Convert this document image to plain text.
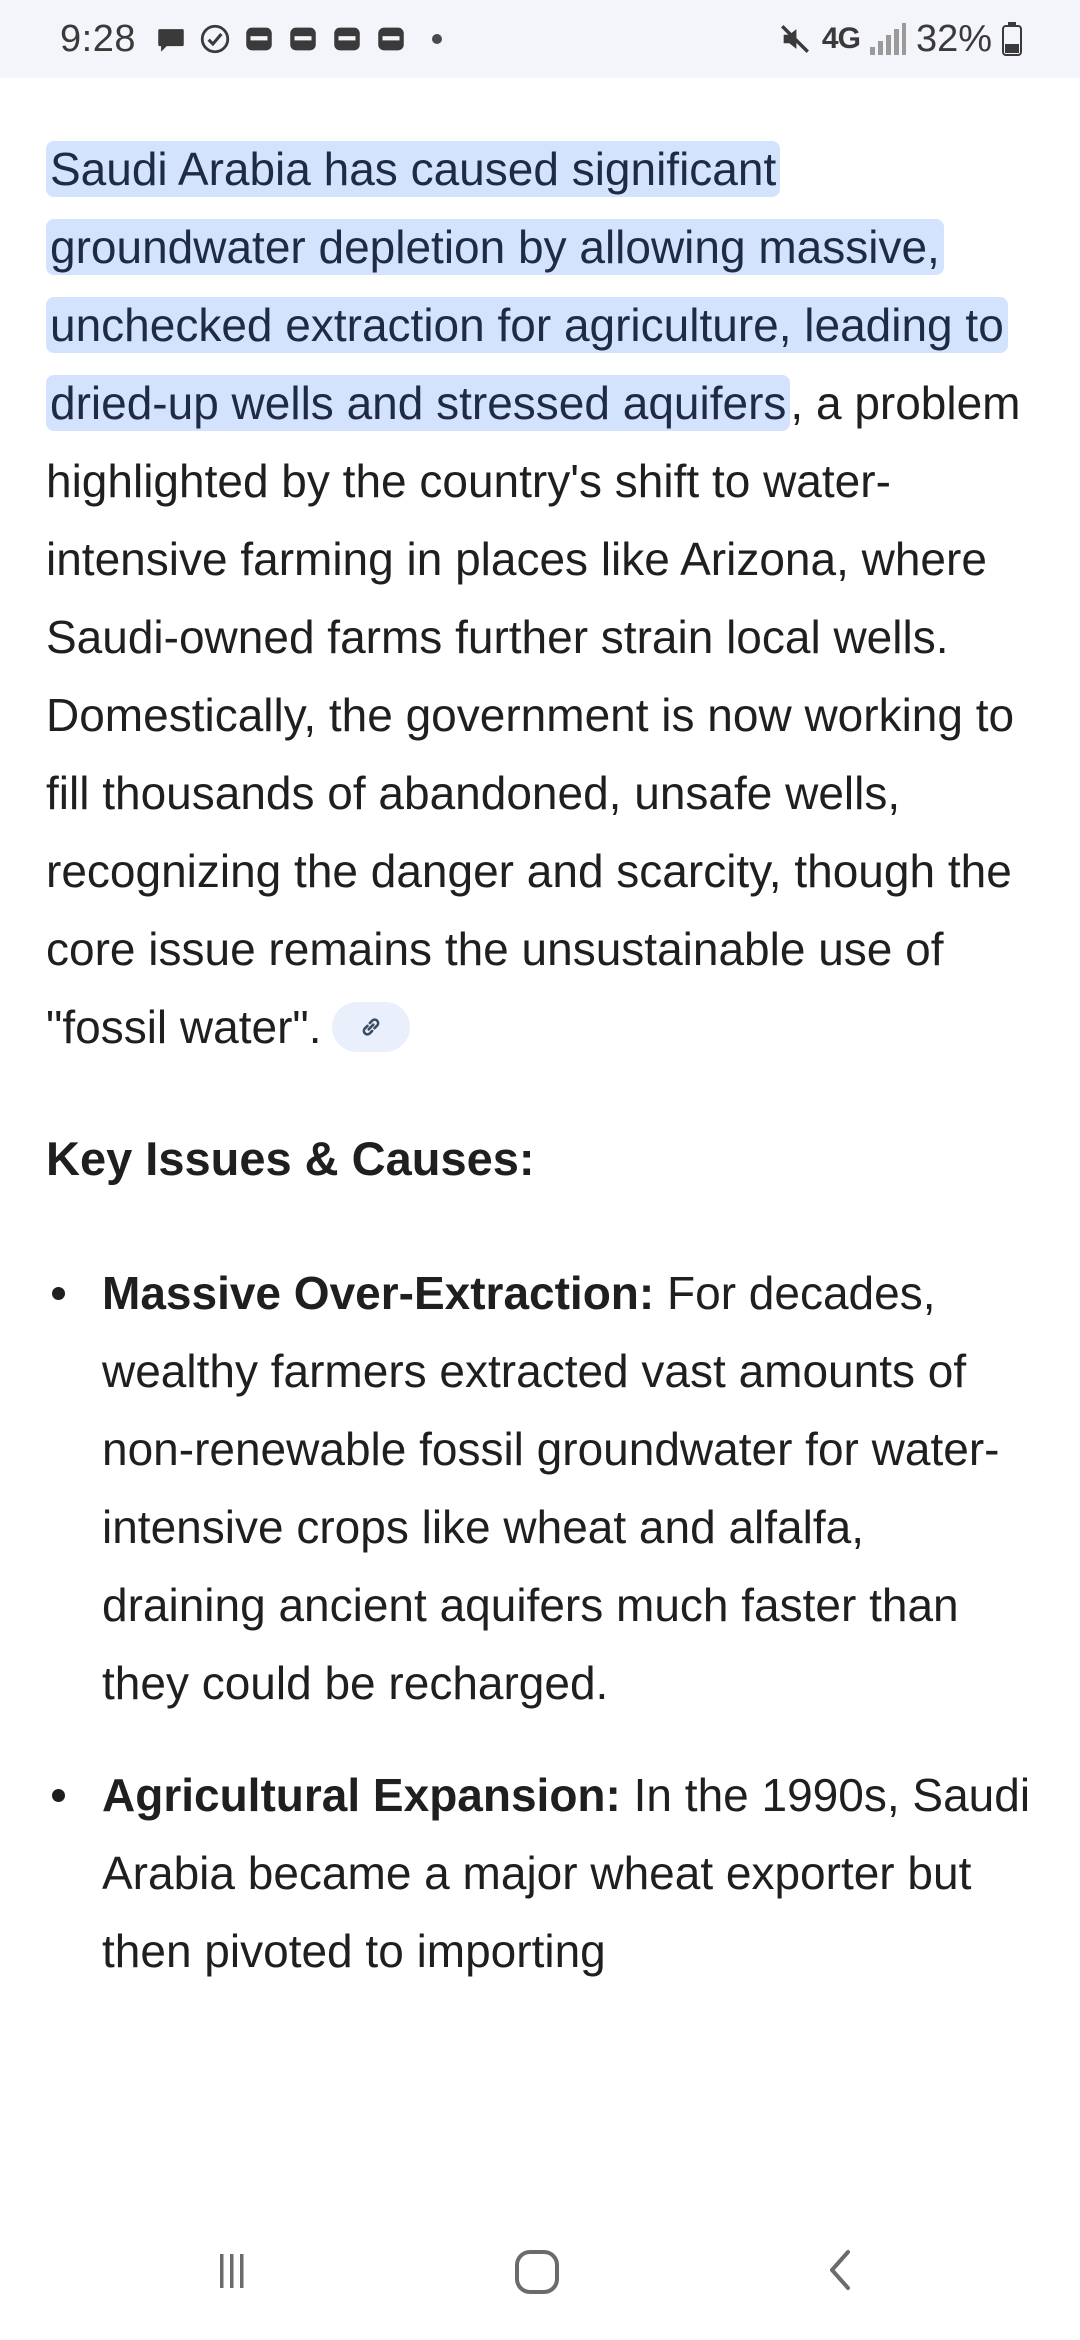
9:28	4G 32%

Saudi Arabia has caused significant groundwater depletion by allowing massive, unchecked extraction for agriculture, leading to dried-up wells and stressed aquifers, a problem highlighted by the country's shift to water-intensive farming in places like Arizona, where Saudi-owned farms further strain local wells. Domestically, the government is now working to fill thousands of abandoned, unsafe wells, recognizing the danger and scarcity, though the core issue remains the unsustainable use of "fossil water".

Key Issues & Causes:
Massive Over-Extraction: For decades, wealthy farmers extracted vast amounts of non-renewable fossil groundwater for water-intensive crops like wheat and alfalfa, draining ancient aquifers much faster than they could be recharged.
Agricultural Expansion: In the 1990s, Saudi Arabia became a major wheat exporter but then pivoted to importing
